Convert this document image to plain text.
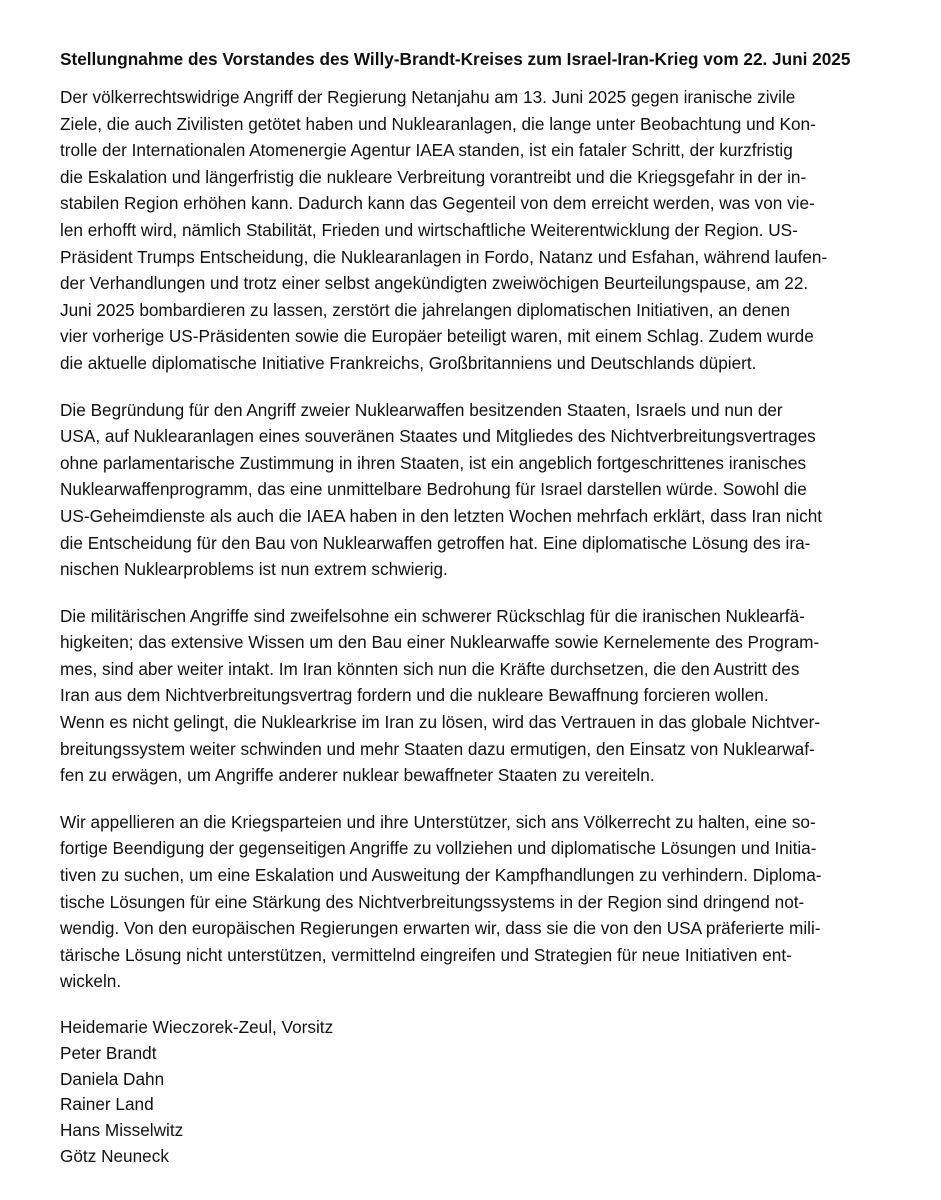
Stellungnahme des Vorstandes des Willy-Brandt-Kreises zum Israel-Iran-Krieg vom 22. Juni 2025
Der völkerrechtswidrige Angriff der Regierung Netanjahu am 13. Juni 2025 gegen iranische zivile
Ziele, die auch Zivilisten getötet haben und Nuklearanlagen, die lange unter Beobachtung und Kon-
trolle der Internationalen Atomenergie Agentur IAEA standen, ist ein fataler Schritt, der kurzfristig
die Eskalation und längerfristig die nukleare Verbreitung vorantreibt und die Kriegsgefahr in der in-
stabilen Region erhöhen kann. Dadurch kann das Gegenteil von dem erreicht werden, was von vie-
len erhofft wird, nämlich Stabilität, Frieden und wirtschaftliche Weiterentwicklung der Region. US-
Präsident Trumps Entscheidung, die Nuklearanlagen in Fordo, Natanz und Esfahan, während laufen-
der Verhandlungen und trotz einer selbst angekündigten zweiwöchigen Beurteilungspause, am 22.
Juni 2025 bombardieren zu lassen, zerstört die jahrelangen diplomatischen Initiativen, an denen
vier vorherige US-Präsidenten sowie die Europäer beteiligt waren, mit einem Schlag. Zudem wurde
die aktuelle diplomatische Initiative Frankreichs, Großbritanniens und Deutschlands düpiert.
Die Begründung für den Angriff zweier Nuklearwaffen besitzenden Staaten, Israels und nun der
USA, auf Nuklearanlagen eines souveränen Staates und Mitgliedes des Nichtverbreitungsvertrages
ohne parlamentarische Zustimmung in ihren Staaten, ist ein angeblich fortgeschrittenes iranisches
Nuklearwaffenprogramm, das eine unmittelbare Bedrohung für Israel darstellen würde. Sowohl die
US-Geheimdienste als auch die IAEA haben in den letzten Wochen mehrfach erklärt, dass Iran nicht
die Entscheidung für den Bau von Nuklearwaffen getroffen hat. Eine diplomatische Lösung des ira-
nischen Nuklearproblems ist nun extrem schwierig.
Die militärischen Angriffe sind zweifelsohne ein schwerer Rückschlag für die iranischen Nuklearfä-
higkeiten; das extensive Wissen um den Bau einer Nuklearwaffe sowie Kernelemente des Program-
mes, sind aber weiter intakt. Im Iran könnten sich nun die Kräfte durchsetzen, die den Austritt des
Iran aus dem Nichtverbreitungsvertrag fordern und die nukleare Bewaffnung forcieren wollen.
Wenn es nicht gelingt, die Nuklearkrise im Iran zu lösen, wird das Vertrauen in das globale Nichtver-
breitungssystem weiter schwinden und mehr Staaten dazu ermutigen, den Einsatz von Nuklearwaf-
fen zu erwägen, um Angriffe anderer nuklear bewaffneter Staaten zu vereiteln.
Wir appellieren an die Kriegsparteien und ihre Unterstützer, sich ans Völkerrecht zu halten, eine so-
fortige Beendigung der gegenseitigen Angriffe zu vollziehen und diplomatische Lösungen und Initia-
tiven zu suchen, um eine Eskalation und Ausweitung der Kampfhandlungen zu verhindern. Diploma-
tische Lösungen für eine Stärkung des Nichtverbreitungssystems in der Region sind dringend not-
wendig. Von den europäischen Regierungen erwarten wir, dass sie die von den USA präferierte mili-
tärische Lösung nicht unterstützen, vermittelnd eingreifen und Strategien für neue Initiativen ent-
wickeln.
Heidemarie Wieczorek-Zeul, Vorsitz
Peter Brandt
Daniela Dahn
Rainer Land
Hans Misselwitz
Götz Neuneck
